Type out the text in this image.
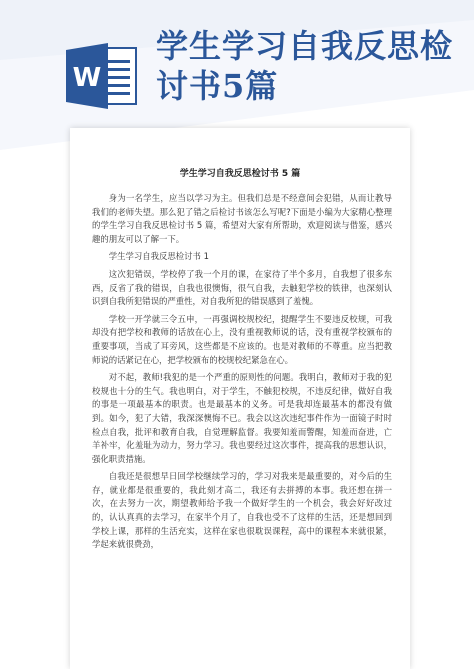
W
学生学习自我反思检讨书5篇
学生学习自我反思检讨书 5 篇

身为一名学生，应当以学习为主。但我们总是不经意间会犯错，从而让教导我们的老师失望。那么犯了错之后检讨书该怎么写呢?下面是小编为大家精心整理的学生学习自我反思检讨书 5 篇，希望对大家有所帮助，欢迎阅读与借鉴，感兴趣的朋友可以了解一下。

学生学习自我反思检讨书 1

这次犯错误，学校停了我一个月的课，在家待了半个多月，自我想了很多东西，反省了我的错误，自我也很懊悔，很气自我，去触犯学校的铁律，也深刻认识到自我所犯错误的严重性，对自我所犯的错误感到了羞愧。

学校一开学就三令五申，一再强调校规校纪，提醒学生不要违反校规，可我却没有把学校和教师的话放在心上，没有重视教师说的话，没有重视学校颁布的重要事项，当成了耳旁风，这些都是不应该的。也是对教师的不尊重。应当把教师说的话紧记在心，把学校颁布的校规校纪紧急在心。

对不起，教师!我犯的是一个严重的原则性的问题。我明白，教师对于我的犯校规也十分的生气。我也明白，对于学生，不触犯校规，不违反纪律，做好自我的事是一项最基本的职责。也是最基本的义务。可是我却连最基本的都没有做到。如今，犯了大错，我深深懊悔不已。我会以这次违纪事件作为一面镜子时时检点自我，批评和教育自我，自觉理解监督。我要知羞而警醒，知羞而奋进，亡羊补牢，化羞耻为动力，努力学习。我也要经过这次事件，提高我的思想认识，强化职责措施。

自我还是很想早日回学校继续学习的，学习对我来是最重要的，对今后的生存，就业都是很重要的，我此刻才高二，我还有去拼搏的本事。我还想在拼一次，在去努力一次，期望教师给予我一个做好学生的一个机会，我会好好改过的，认认真真的去学习，在家半个月了，自我也受不了这样的生活，还是想回到学校上课，那样的生活充实，这样在家也很耽误课程，高中的课程本来就很紧，学起来就很费劲，
